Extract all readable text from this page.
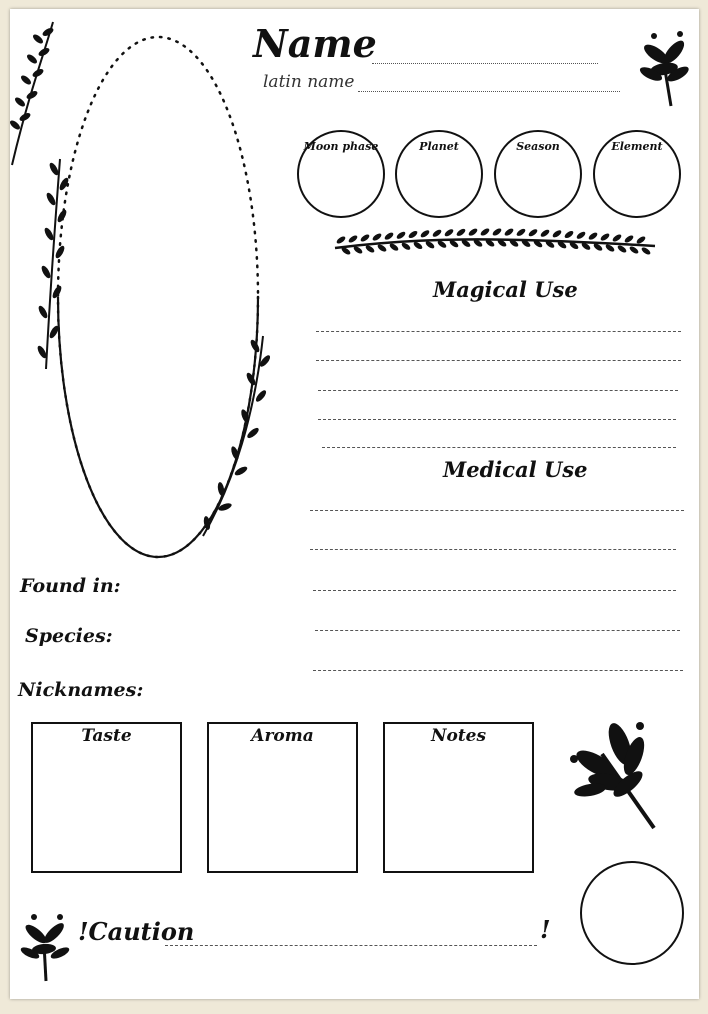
Name
latin name
Moon phase	Planet	Season	Element
Magical Use
Medical Use
Found in:
Species:
Nicknames:
Taste	Aroma	Notes
!Caution	!
